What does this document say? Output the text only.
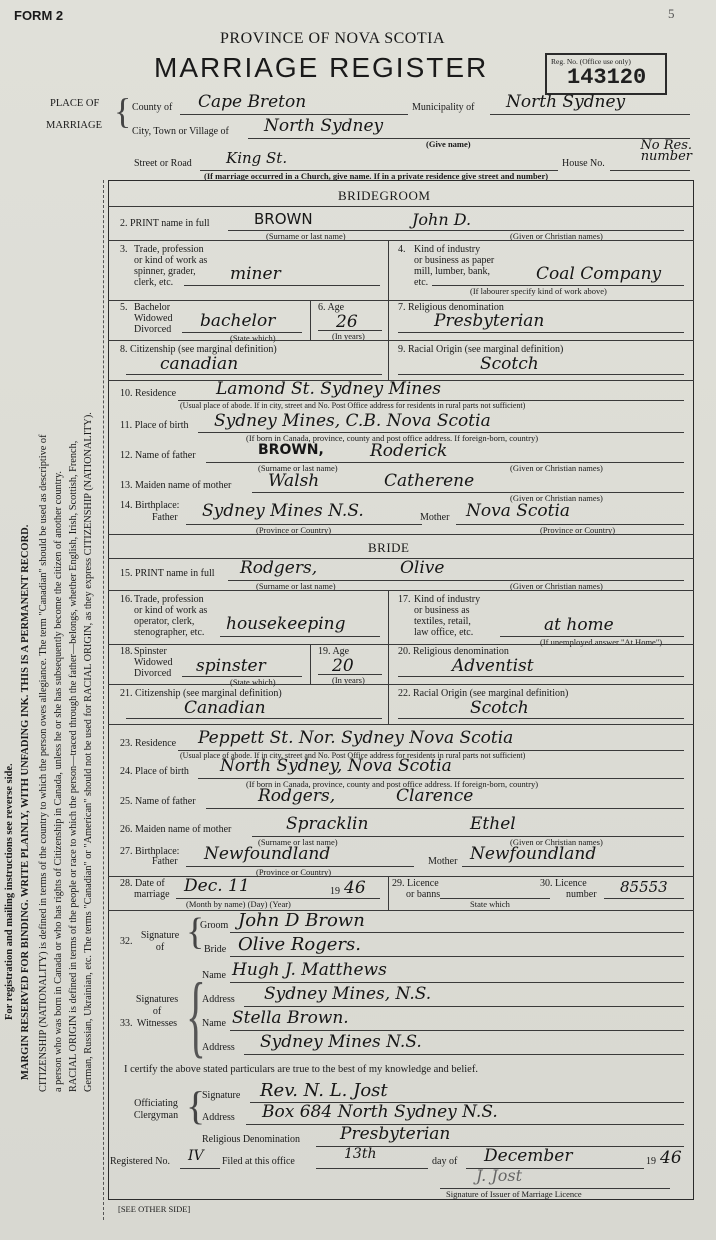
FORM 2	5
PROVINCE OF NOVA SCOTIA
MARRIAGE REGISTER	Reg. No. (Office use only)
143120
PLACE OF
MARRIAGE { County of Cape Breton	Municipality of North Sydney
City, Town or Village of North Sydney
(Give name)
Street or Road King St.	House No.
No Res. number
(If marriage occurred in a Church, give name. If in a private residence give street and number)
For registration and mailing instructions see reverse side. MARGIN RESERVED FOR BINDING. WRITE PLAINLY, WITH UNFADING INK. THIS IS A PERMANENT RECORD. CITIZENSHIP (NATIONALITY) is defined in terms of the country to which the person owes allegiance. The term "Canadian" should be used as descriptive of a person who was born in Canada or who has rights of Citizenship in Canada, unless he or she has subsequently become the citizen of another country. RACIAL ORIGIN is defined in terms of the people or race to which the person—traced through the father—belongs, whether English, Irish, Scottish, French, German, Russian, Ukrainian, etc. The terms "Canadian" or "American" should not be used for RACIAL ORIGIN, as they express CITIZENSHIP (NATIONALITY).
BRIDEGROOM
2. PRINT name in full	BROWN	John D.
(Surname or last name)	(Given or Christian names)
3. Trade, profession
or kind of work as
spinner, grader,
clerk, etc.	miner
4. Kind of industry
or business as paper
mill, lumber, bank,
etc.	Coal Company
(If labourer specify kind of work above)
5. Bachelor
Widowed
Divorced bachelor
(State which)
6. Age
26
(In years)
7. Religious denomination
Presbyterian
8. Citizenship (see marginal definition)
canadian
9. Racial Origin (see marginal definition)
Scotch
10. Residence Lamond St. Sydney Mines
(Usual place of abode. If in city, street and No. Post Office address for residents in rural parts not sufficient)
11. Place of birth Sydney Mines, C.B. Nova Scotia
(If born in Canada, province, county and post office address. If foreign-born, country)
12. Name of father	BROWN,	Roderick
(Surname or last name)	(Given or Christian names)
13. Maiden name of mother Walsh	Catherene
(Given or Christian names)
14. Birthplace:
Father Sydney Mines N.S.	Mother Nova Scotia
(Province or Country)	(Province or Country)
BRIDE
15. PRINT name in full Rodgers,	Olive
(Surname or last name)	(Given or Christian names)
16. Trade, profession
or kind of work as
operator, clerk,
stenographer, etc. housekeeping
17. Kind of industry
or business as
textiles, retail,
law office, etc.	at home
(If unemployed answer "At Home")
18. Spinster
Widowed
Divorced spinster
(State which)
19. Age
20
(In years)
20. Religious denomination
Adventist
21. Citizenship (see marginal definition)
Canadian
22. Racial Origin (see marginal definition)
Scotch
23. Residence Peppett St. Nor. Sydney Nova Scotia
(Usual place of abode. If in city, street and No. Post Office address for residents in rural parts not sufficient)
24. Place of birth North Sydney, Nova Scotia
(If born in Canada, province, county and post office address. If foreign-born, country)
25. Name of father	Rodgers,	Clarence
26. Maiden name of mother	Spracklin	Ethel
(Surname or last name)	(Given or Christian names)
27. Birthplace:
Father Newfoundland	Mother Newfoundland
(Province or Country)
28. Date of
marriage Dec. 11	19 46
(Month by name) (Day) (Year)
29. Licence
or banns
State which
30. Licence
number 85553
32.
Signature of {
Groom John D Brown
Bride Olive Rogers.
33.
Signatures
of
Witnesses {
Name Hugh J. Matthews
Address Sydney Mines, N.S.
Name Stella Brown.
Address Sydney Mines N.S.
I certify the above stated particulars are true to the best of my knowledge and belief.
Officiating
Clergyman {
Signature Rev. N. L. Jost
Address Box 684 North Sydney N.S.
Religious Denomination Presbyterian
Registered No. IV Filed at this office	13th	day of December	19 46
J. Jost
Signature of Issuer of Marriage Licence
[SEE OTHER SIDE]
